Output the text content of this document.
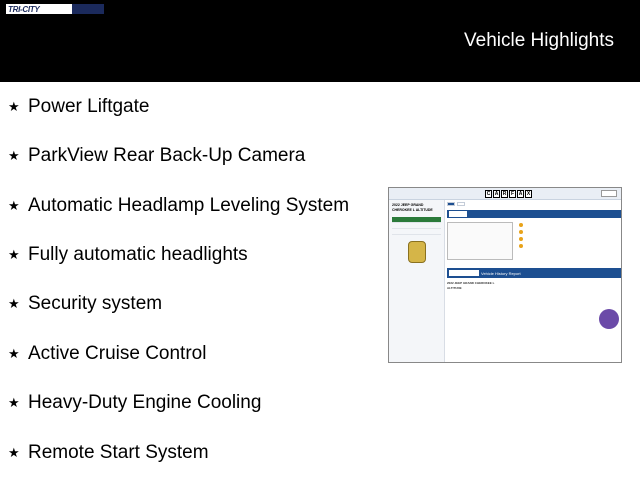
TRI-CITY
Vehicle Highlights
★ Power Liftgate
★ ParkView Rear Back-Up Camera
★ Automatic Headlamp Leveling System
★ Fully automatic headlights
★ Security system
★ Active Cruise Control
★ Heavy-Duty Engine Cooling
★ Remote Start System
C A R F A X
2022 JEEP GRAND CHEROKEE L ALTITUDE
Vehicle History Report
2022 JEEP GRAND CHEROKEE L ALTITUDE
